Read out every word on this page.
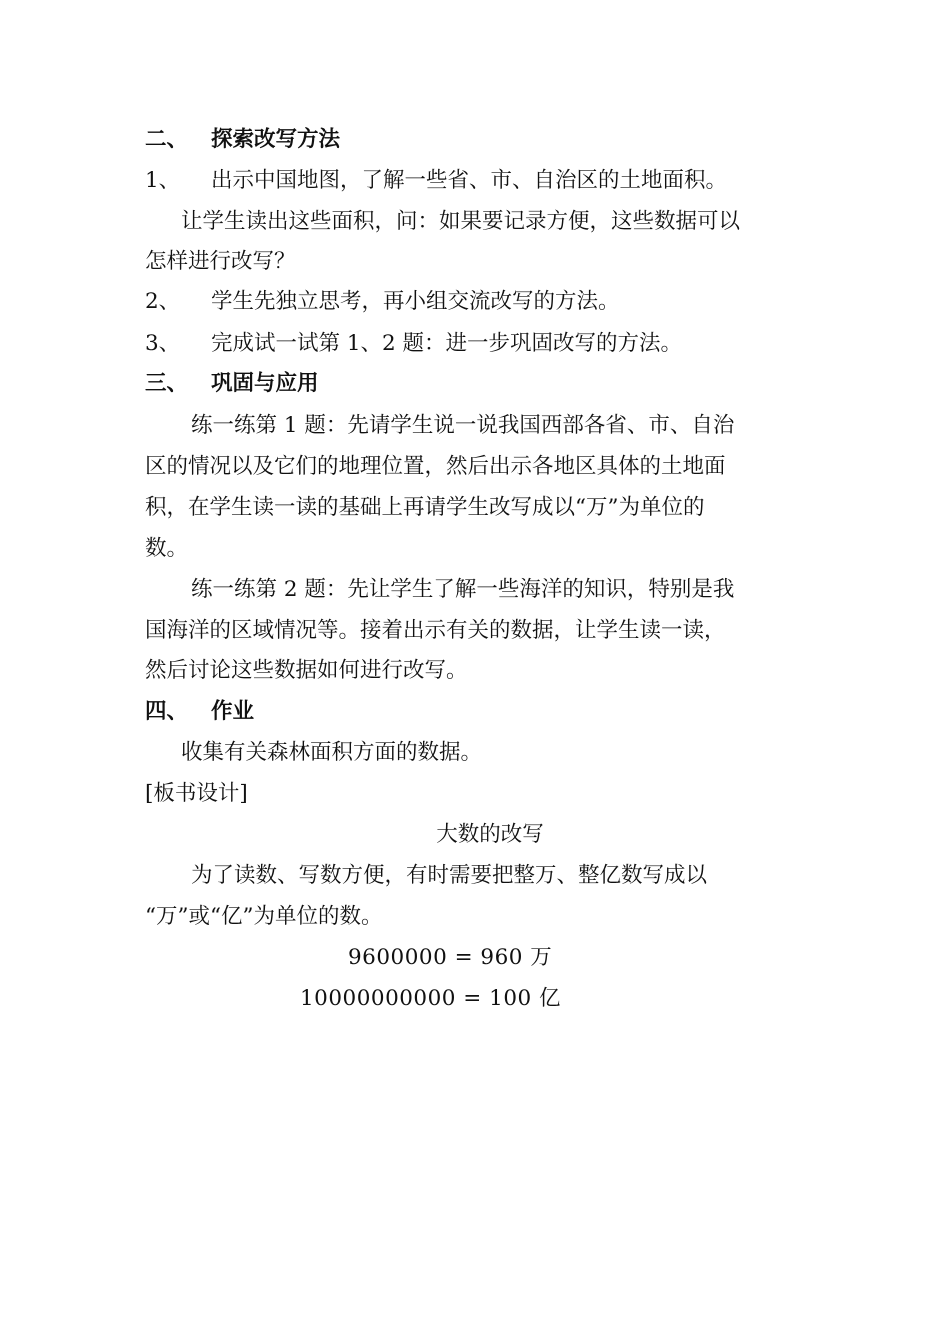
二、 探索改写方法
1、 出示中国地图，了解一些省、市、自治区的土地面积。
让学生读出这些面积，问：如果要记录方便，这些数据可以
怎样进行改写？
2、 学生先独立思考，再小组交流改写的方法。
3、 完成试一试第 1、2 题：进一步巩固改写的方法。
三、 巩固与应用
练一练第 1 题：先请学生说一说我国西部各省、市、自治
区的情况以及它们的地理位置，然后出示各地区具体的土地面
积，在学生读一读的基础上再请学生改写成以“万”为单位的
数。
练一练第 2 题：先让学生了解一些海洋的知识，特别是我
国海洋的区域情况等。接着出示有关的数据，让学生读一读，
然后讨论这些数据如何进行改写。
四、 作业
收集有关森林面积方面的数据。
[板书设计]
大数的改写
为了读数、写数方便，有时需要把整万、整亿数写成以
“万”或“亿”为单位的数。
9600000 = 960 万
10000000000 = 100 亿
